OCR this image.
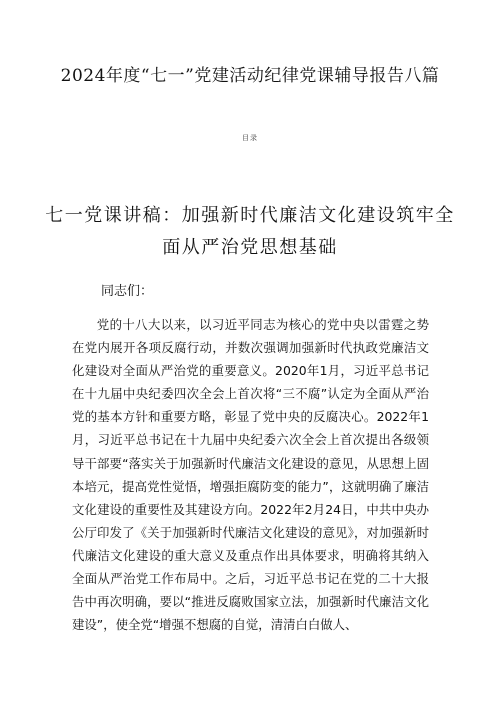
2024年度“七一”党建活动纪律党课辅导报告八篇
目录
七一党课讲稿：加强新时代廉洁文化建设筑牢全面从严治党思想基础
同志们：

党的十八大以来，以习近平同志为核心的党中央以雷霆之势在党内展开各项反腐行动，并数次强调加强新时代执政党廉洁文化建设对全面从严治党的重要意义。2020年1月，习近平总书记在十九届中央纪委四次全会上首次将“三不腐”认定为全面从严治党的基本方针和重要方略，彰显了党中央的反腐决心。2022年1月，习近平总书记在十九届中央纪委六次全会上首次提出各级领导干部要“落实关于加强新时代廉洁文化建设的意见，从思想上固本培元，提高党性觉悟，增强拒腐防变的能力”，这就明确了廉洁文化建设的重要性及其建设方向。2022年2月24日，中共中央办公厅印发了《关于加强新时代廉洁文化建设的意见》，对加强新时代廉洁文化建设的重大意义及重点作出具体要求，明确将其纳入全面从严治党工作布局中。之后，习近平总书记在党的二十大报告中再次明确，要以“推进反腐败国家立法，加强新时代廉洁文化建设”，使全党“增强不想腐的自觉，清清白白做人、
